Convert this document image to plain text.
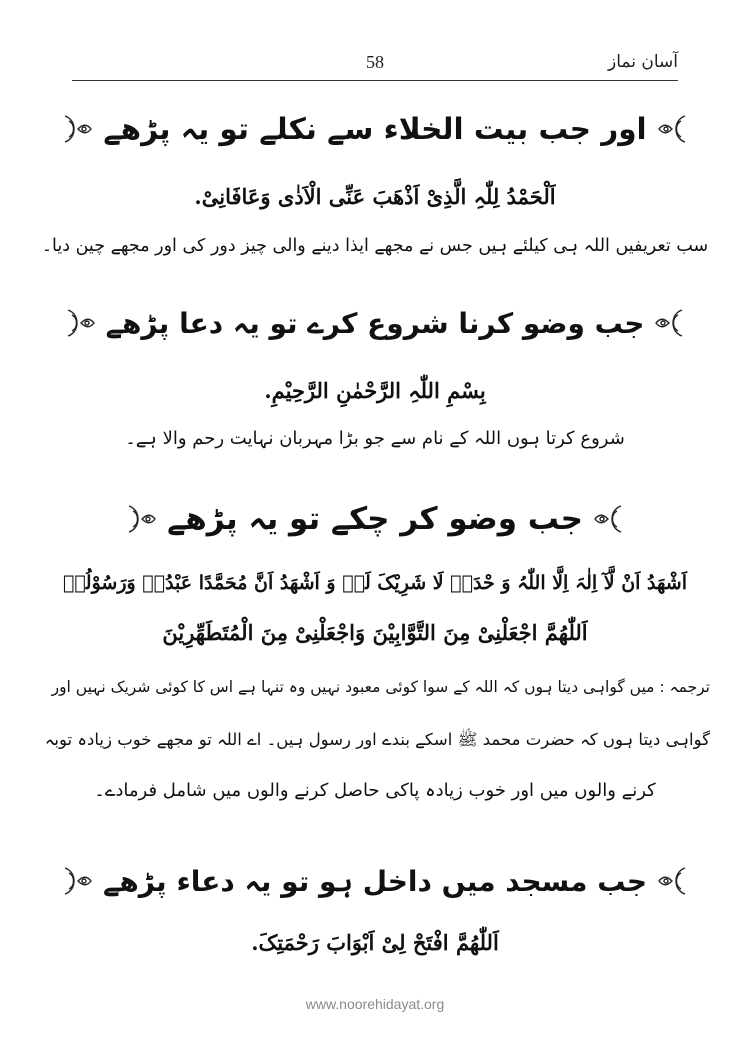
آسان نماز
58
اور جب بیت الخلاء سے نکلے تو یہ پڑھے
اَلْحَمْدُ لِلّٰہِ الَّذِیْ اَذْھَبَ عَنِّی الْاَذٰی وَعَافَانِیْ.
سب تعریفیں اللہ ہی کیلئے ہیں جس نے مجھے ایذا دینے والی چیز دور کی اور مجھے چین دیا۔
جب وضو کرنا شروع کرے تو یہ دعا پڑھے
بِسْمِ اللّٰہِ الرَّحْمٰنِ الرَّحِیْمِ.
شروع کرتا ہوں اللہ کے نام سے جو بڑا مہربان نہایت رحم والا ہے۔
جب وضو کر چکے تو یہ پڑھے
اَشْھَدُ اَنْ لَّآ اِلٰہَ اِلَّا اللّٰہُ وَ حْدَہٗ لَا شَرِیْکَ لَہٗ وَ اَشْھَدُ اَنَّ مُحَمَّدًا عَبْدُہٗ وَرَسُوْلُہٗ
اَللّٰھُمَّ اجْعَلْنِیْ مِنَ التَّوَّابِیْنَ وَاجْعَلْنِیْ مِنَ الْمُتَطَھِّرِیْنَ
ترجمہ : میں گواہی دیتا ہوں کہ اللہ کے سوا کوئی معبود نہیں وہ تنہا ہے اس کا کوئی شریک نہیں اور
گواہی دیتا ہوں کہ حضرت محمد ﷺ اسکے بندے اور رسول ہیں۔ اے اللہ تو مجھے خوب زیادہ توبہ
کرنے والوں میں اور خوب زیادہ پاکی حاصل کرنے والوں میں شامل فرمادے۔
جب مسجد میں داخل ہو تو یہ دعاء پڑھے
اَللّٰھُمَّ افْتَحْ لِیْ اَبْوَابَ رَحْمَتِکَ.
www.noorehidayat.org
